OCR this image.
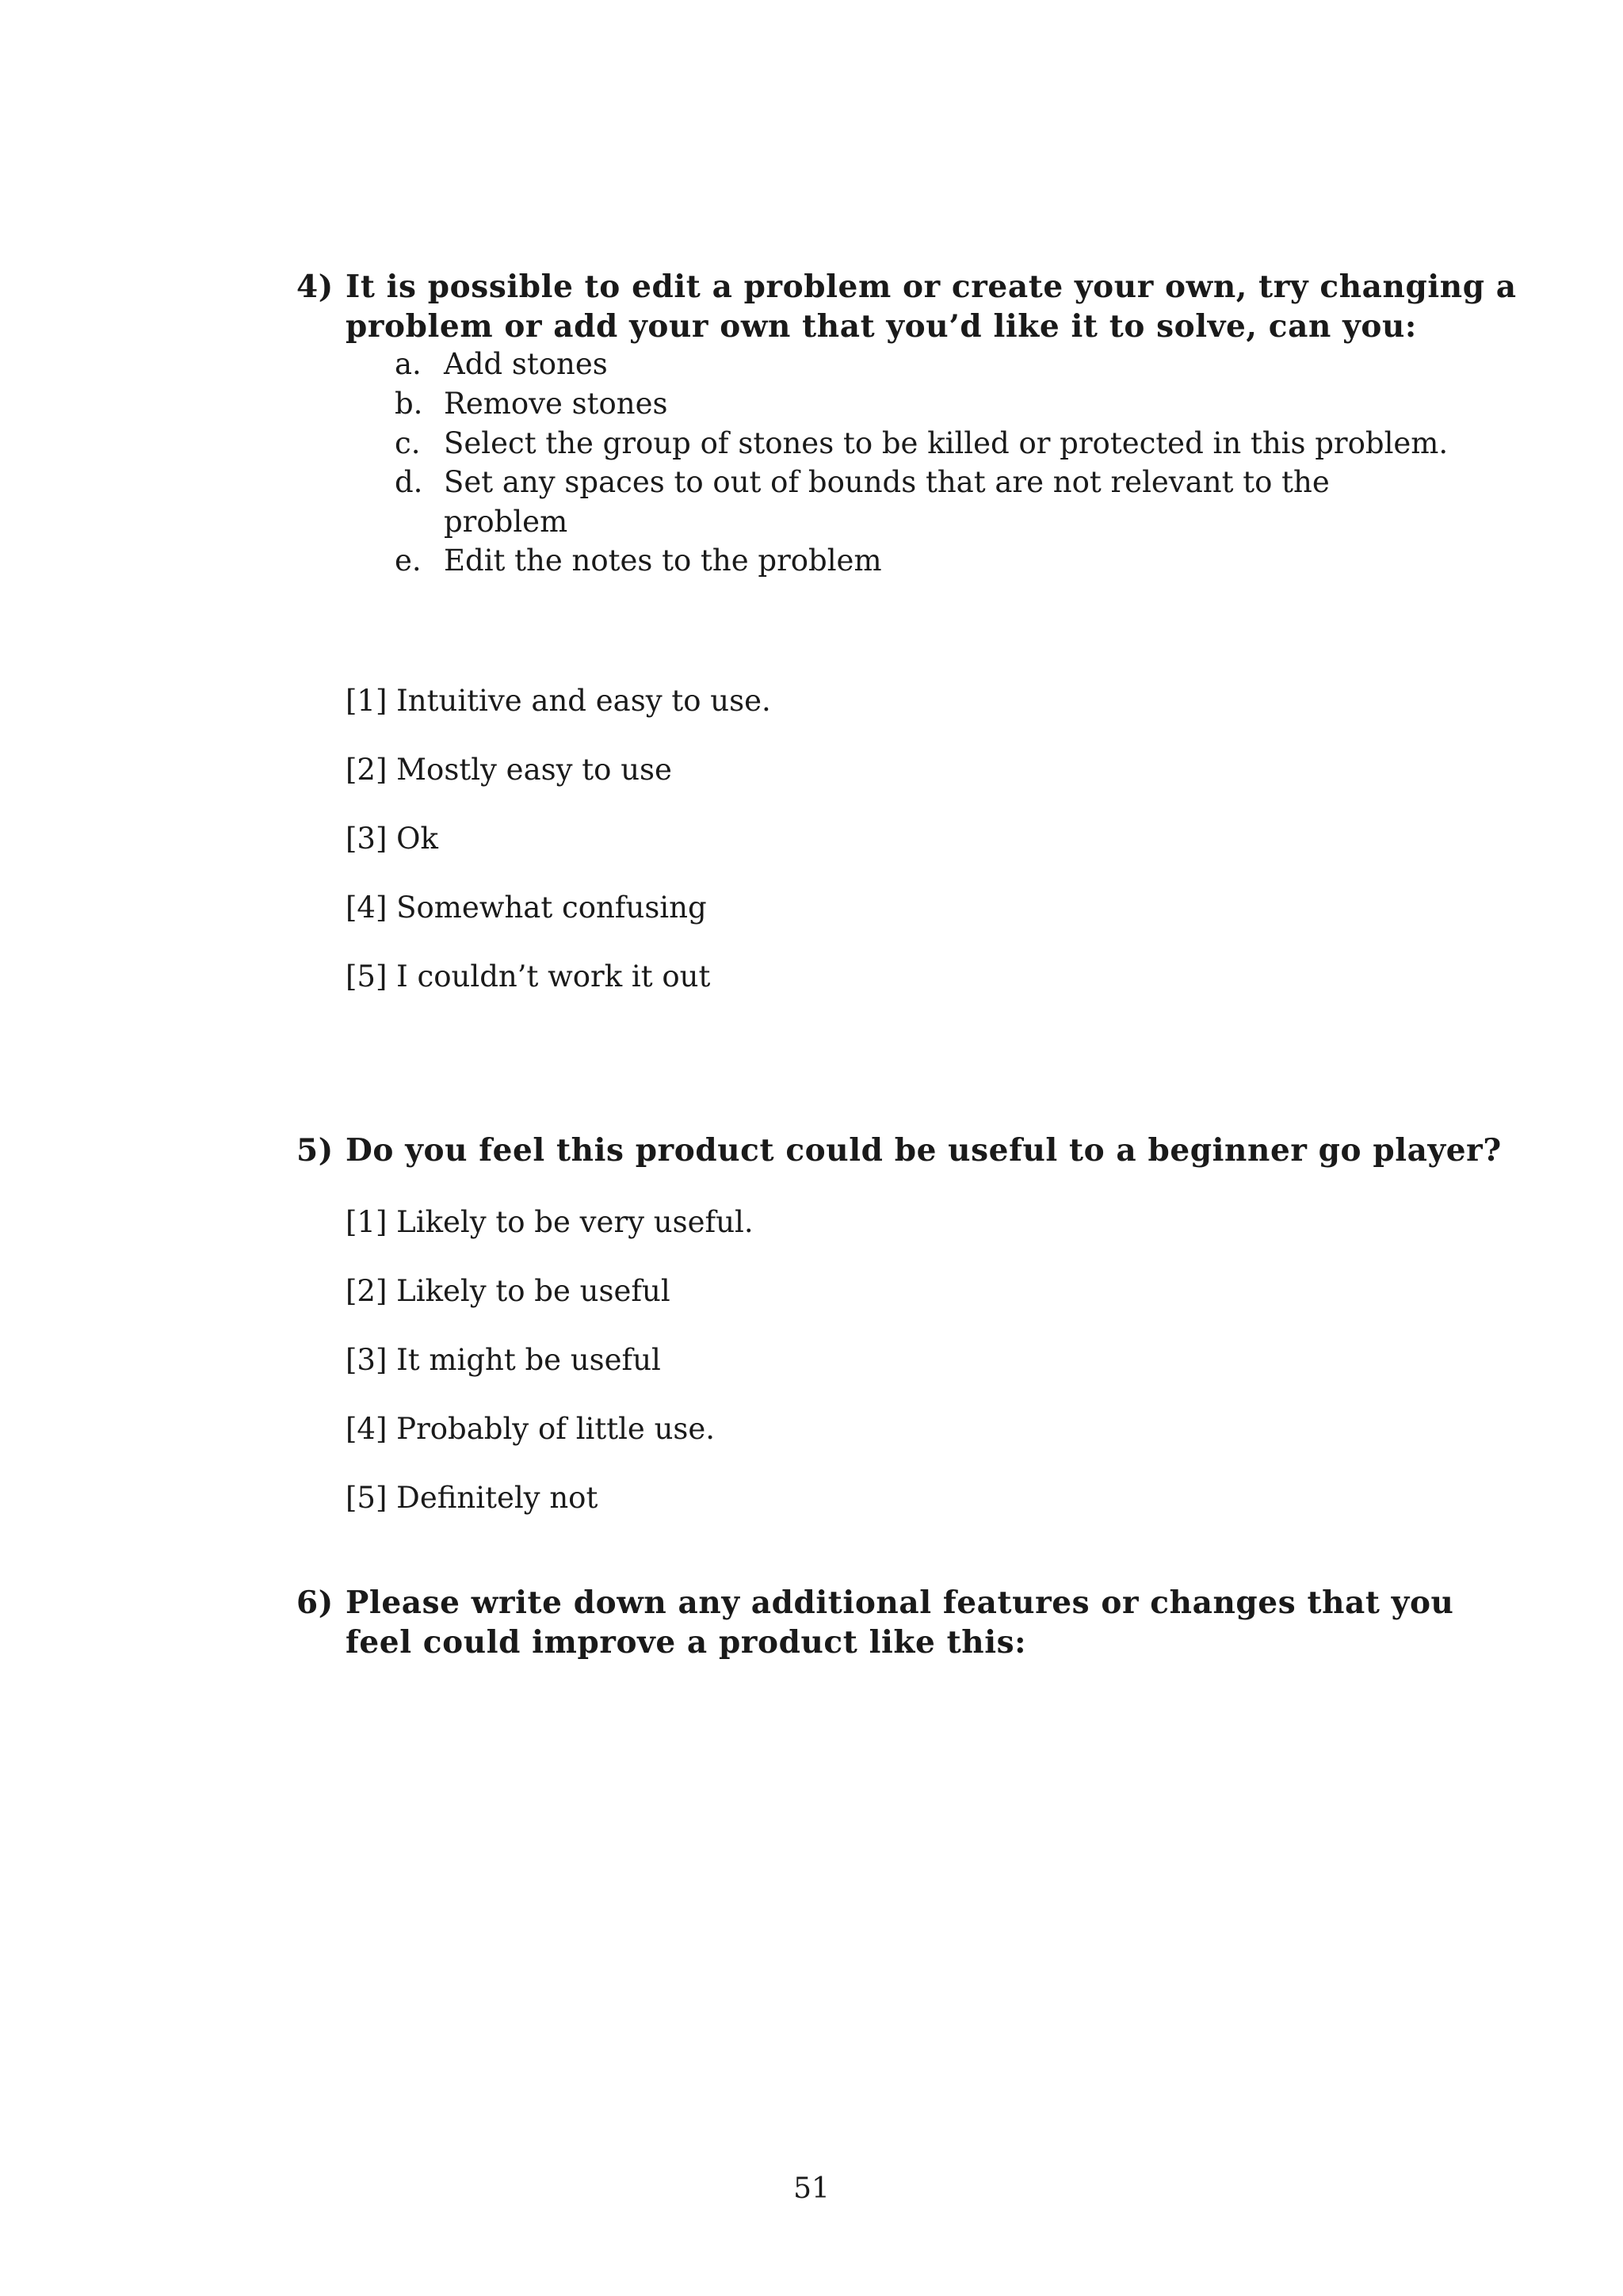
4) It is possible to edit a problem or create your own, try changing a
problem or add your own that you’d like it to solve, can you:
a. Add stones
b. Remove stones
c. Select the group of stones to be killed or protected in this problem.
d. Set any spaces to out of bounds that are not relevant to the
problem
e. Edit the notes to the problem
[1] Intuitive and easy to use.
[2] Mostly easy to use
[3] Ok
[4] Somewhat confusing
[5] I couldn’t work it out
5) Do you feel this product could be useful to a beginner go player?
[1] Likely to be very useful.
[2] Likely to be useful
[3] It might be useful
[4] Probably of little use.
[5] Definitely not
6) Please write down any additional features or changes that you
feel could improve a product like this:
51
